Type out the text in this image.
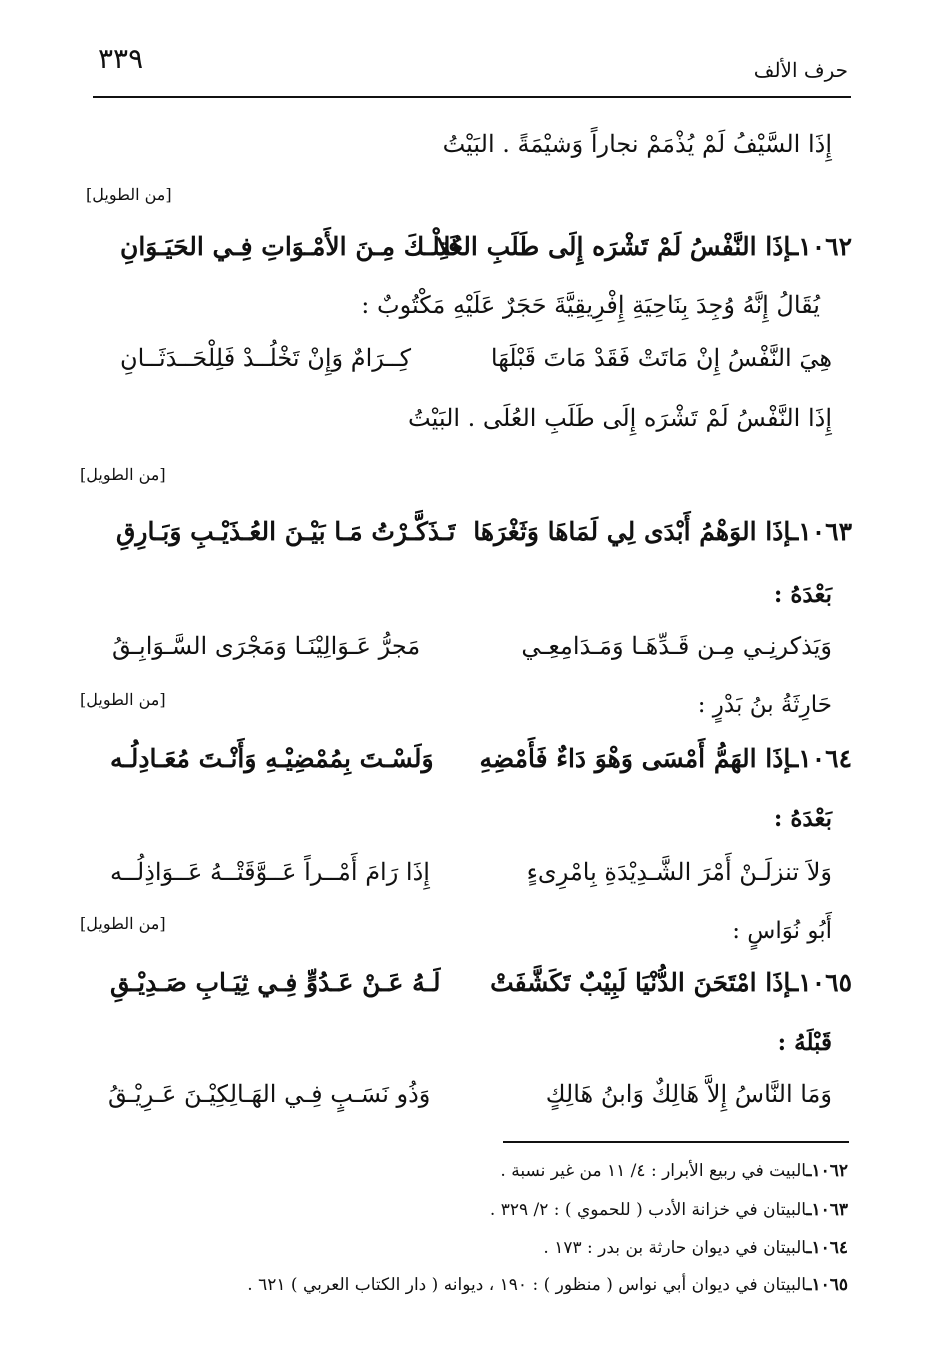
٣٣٩	حرف الألف
إِذَا السَّيْفُ لَمْ يُذْمَمْ نجاراً وَشيْمَةً . البَيْتُ
[من الطويل]
١٠٦٢ـإذَا النَّفْسُ لَمْ تَشْرَه إِلَى طَلَبِ العُلا
فَتِلْـكَ مِـنَ الأَمْـوَاتِ فِـي الحَيَـوَانِ
يُقَالُ إِنَّهُ وُجِدَ بِنَاحِيَةِ إِفْرِيقِيَّةَ حَجَرٌ عَلَيْهِ مَكْتُوبٌ :
هِيَ النَّفْسُ إِنْ مَاتَتْ فَقَدْ مَاتَ قَبْلَهَا
كِــرَامٌ وَإِنْ تَخْلُــدْ فَلِلْحَــدَثَــانِ
إِذَا النَّفْسُ لَمْ تَشْرَه إِلَى طَلَبِ العُلَى . البَيْتُ
[من الطويل]
١٠٦٣ـإذَا الوَهْمُ أَبْدَى لِي لَمَاهَا وَثَغْرَهَا
تَـذَكَّـرْتُ مَـا بَيْـنَ العُـذَيْـبِ وَبَـارِقِ
بَعْدَهُ :
وَيَذكرنِـي مِـن قَـدِّهَـا وَمَـدَامِعِـي
مَجرُّ عَـوَالِيْنَـا وَمَجْرَى السَّـوَابِـقُ
[من الطويل]	حَارِثَةُ بنُ بَدْرٍ :
١٠٦٤ـإذَا الهَمُّ أَمْسَى وَهْوَ دَاءٌ فَأَمْضِهِ
وَلَسْـتَ بِمُمْضِيْـهِ وَأَنْـتَ مُعَـادِلُـه
بَعْدَهُ :
وَلاَ تنزلَـنْ أَمْرَ الشَّـدِيْدَةِ بِامْرِىءٍ
إِذَا رَامَ أَمْــراً عَــوَّقَتْــهُ عَــوَاذِلُــه
[من الطويل]	أَبُو نُوَاسٍ :
١٠٦٥ـإذَا امْتَحَنَ الدُّنْيَا لَبِيْبٌ تَكَشَّفَتْ
لَـهُ عَـنْ عَـدُوٍّ فِـي ثِيَـابِ صَـدِيْـقِ
قَبْلَهُ :
وَمَا النَّاسُ إِلاَّ هَالِكٌ وَابنُ هَالِكٍ
وَذُو نَسَـبٍ فِـي الهَـالِكِيْـنَ عَـرِيْـقُ
١٠٦٢ـالبيت في ربيع الأبرار : ٤/ ١١ من غير نسبة .
١٠٦٣ـالبيتان في خزانة الأدب ( للحموي ) : ٢/ ٣٢٩ .
١٠٦٤ـالبيتان في ديوان حارثة بن بدر : ١٧٣ .
١٠٦٥ـالبيتان في ديوان أبي نواس ( منظور ) : ١٩٠ ، ديوانه ( دار الكتاب العربي ) ٦٢١ .
